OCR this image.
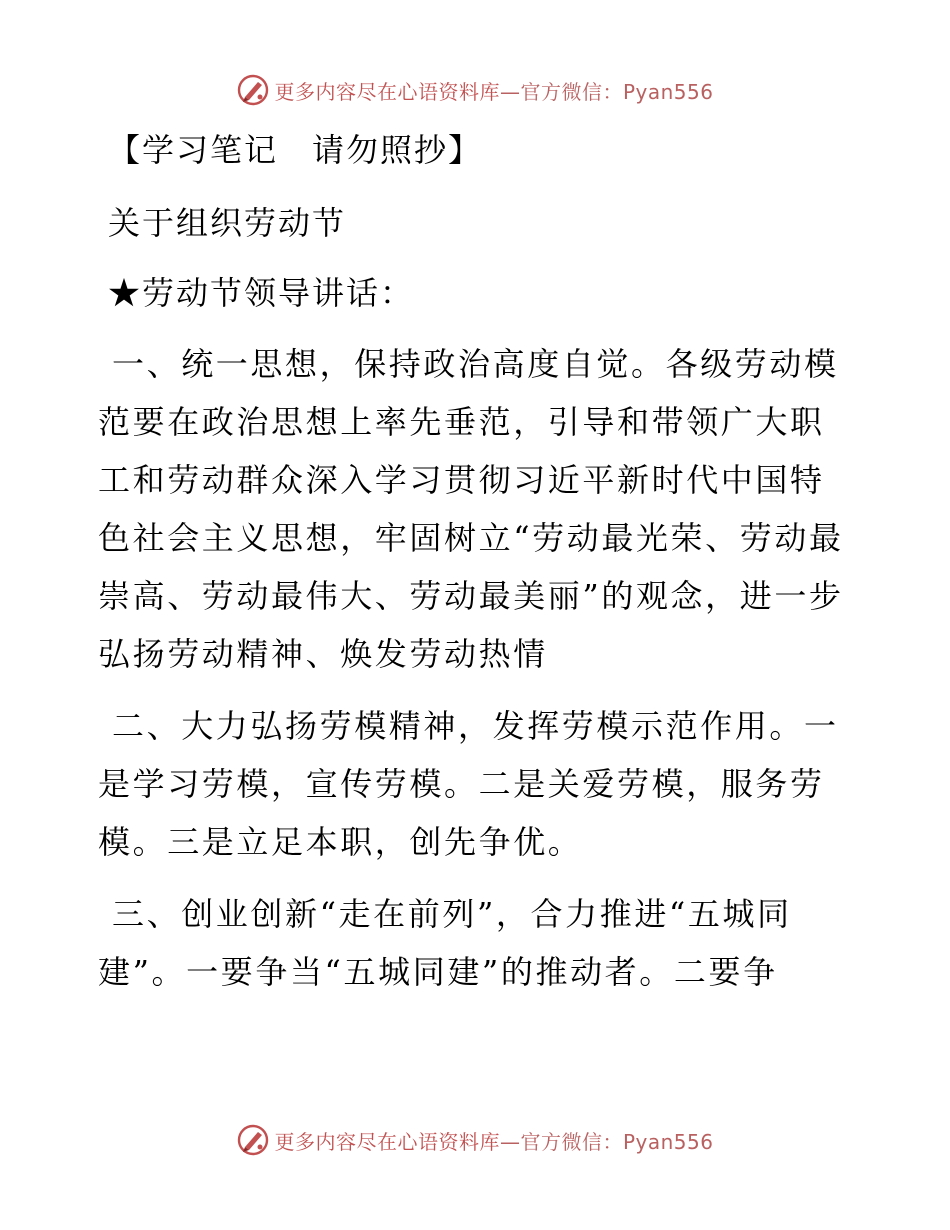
更多内容尽在心语资料库—官方微信：Pyan556

【学习笔记　请勿照抄】

关于组织劳动节

★劳动节领导讲话：

一、统一思想，保持政治高度自觉。各级劳动模范要在政治思想上率先垂范，引导和带领广大职工和劳动群众深入学习贯彻习近平新时代中国特色社会主义思想，牢固树立“劳动最光荣、劳动最崇高、劳动最伟大、劳动最美丽”的观念，进一步弘扬劳动精神、焕发劳动热情

二、大力弘扬劳模精神，发挥劳模示范作用。一是学习劳模，宣传劳模。二是关爱劳模，服务劳模。三是立足本职，创先争优。

三、创业创新“走在前列”，合力推进“五城同建”。一要争当“五城同建”的推动者。二要争

更多内容尽在心语资料库—官方微信：Pyan556
